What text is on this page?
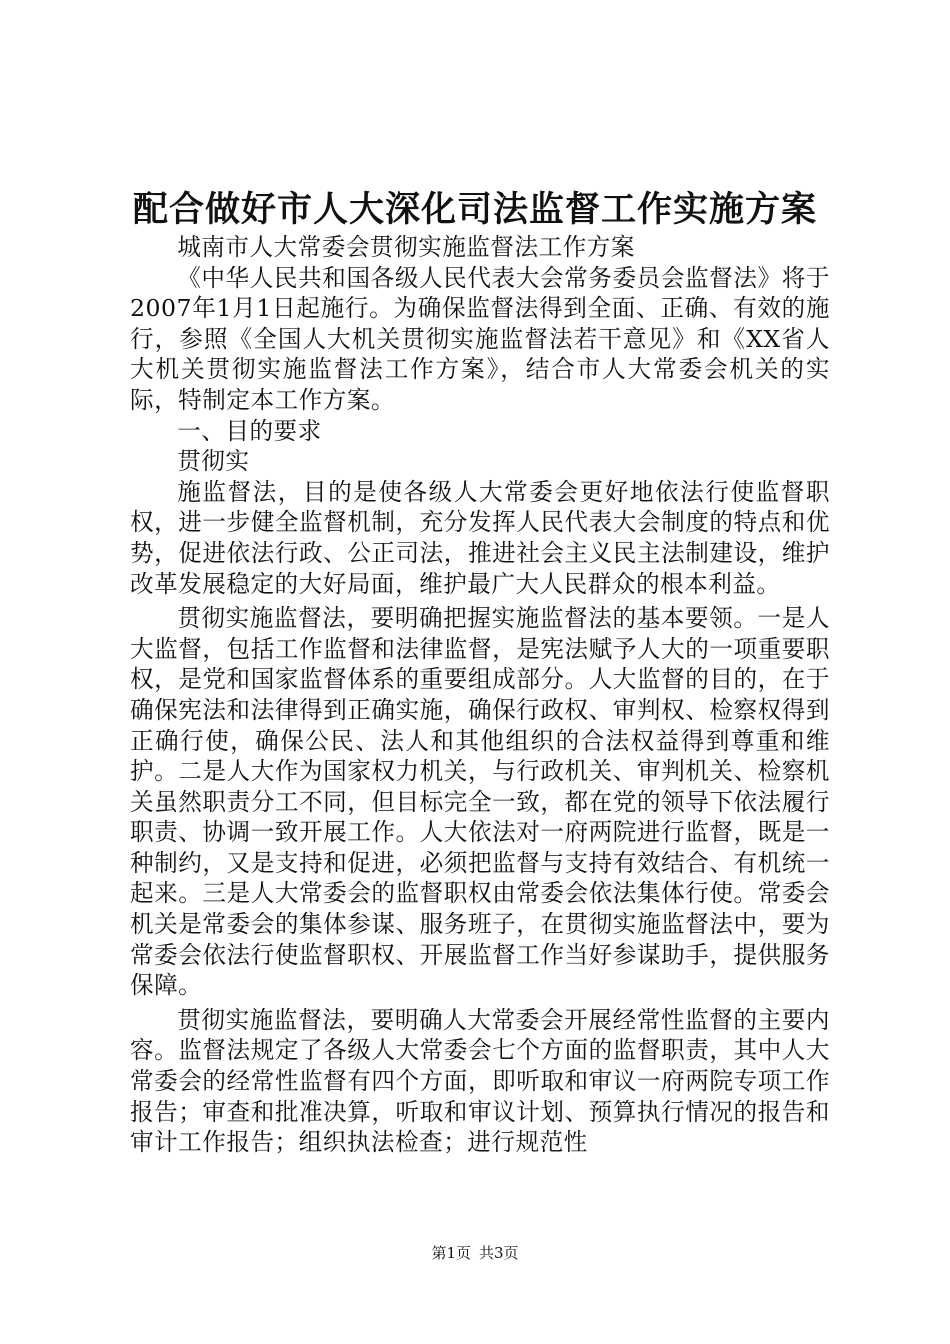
配合做好市人大深化司法监督工作实施方案

城南市人大常委会贯彻实施监督法工作方案

《中华人民共和国各级人民代表大会常务委员会监督法》将于2007年1月1日起施行。为确保监督法得到全面、正确、有效的施行，参照《全国人大机关贯彻实施监督法若干意见》和《XX省人大机关贯彻实施监督法工作方案》，结合市人大常委会机关的实际，特制定本工作方案。

一、目的要求

贯彻实

施监督法，目的是使各级人大常委会更好地依法行使监督职权，进一步健全监督机制，充分发挥人民代表大会制度的特点和优势，促进依法行政、公正司法，推进社会主义民主法制建设，维护改革发展稳定的大好局面，维护最广大人民群众的根本利益。

贯彻实施监督法，要明确把握实施监督法的基本要领。一是人大监督，包括工作监督和法律监督，是宪法赋予人大的一项重要职权，是党和国家监督体系的重要组成部分。人大监督的目的，在于确保宪法和法律得到正确实施，确保行政权、审判权、检察权得到正确行使，确保公民、法人和其他组织的合法权益得到尊重和维护。二是人大作为国家权力机关，与行政机关、审判机关、检察机关虽然职责分工不同，但目标完全一致，都在党的领导下依法履行职责、协调一致开展工作。人大依法对一府两院进行监督，既是一种制约，又是支持和促进，必须把监督与支持有效结合、有机统一起来。三是人大常委会的监督职权由常委会依法集体行使。常委会机关是常委会的集体参谋、服务班子，在贯彻实施监督法中，要为常委会依法行使监督职权、开展监督工作当好参谋助手，提供服务保障。

贯彻实施监督法，要明确人大常委会开展经常性监督的主要内容。监督法规定了各级人大常委会七个方面的监督职责，其中人大常委会的经常性监督有四个方面，即听取和审议一府两院专项工作报告；审查和批准决算，听取和审议计划、预算执行情况的报告和审计工作报告；组织执法检查；进行规范性

第1页 共3页
